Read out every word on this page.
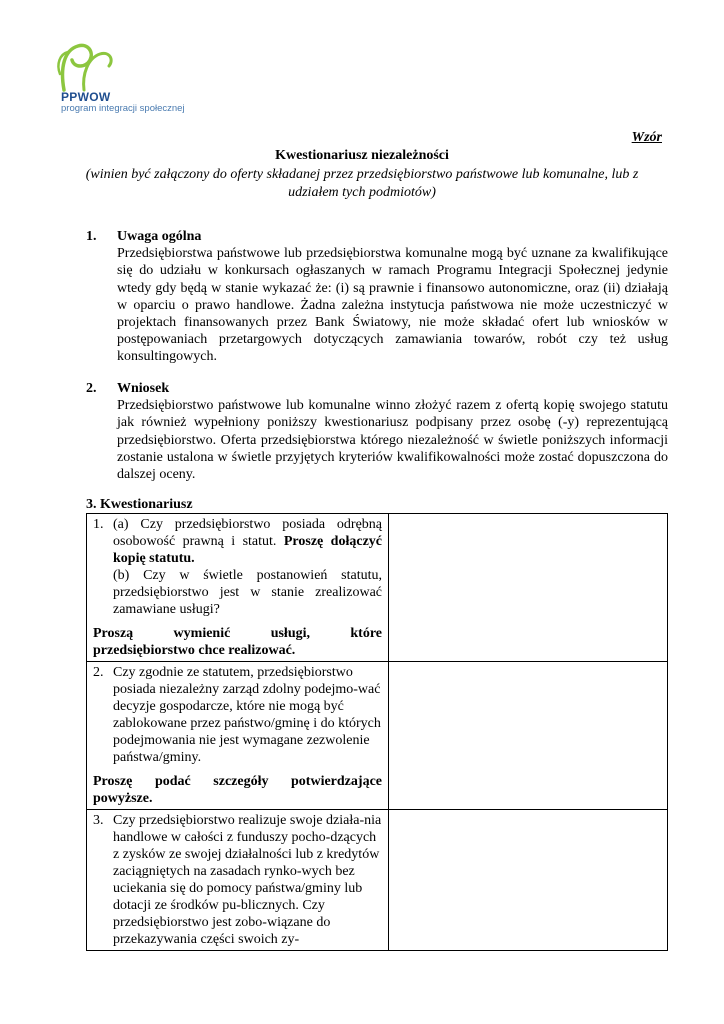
PPWOW
program integracji społecznej
Wzór
Kwestionariusz niezależności
(winien być załączony do oferty składanej przez przedsiębiorstwo państwowe lub komunalne, lub z udziałem tych podmiotów)
1. Uwaga ogólna
Przedsiębiorstwa państwowe lub przedsiębiorstwa komunalne mogą być uznane za kwalifikujące się do udziału w konkursach ogłaszanych w ramach Programu Integracji Społecznej jedynie wtedy gdy będą w stanie wykazać że: (i) są prawnie i finansowo autonomiczne, oraz (ii) działają w oparciu o prawo handlowe. Żadna zależna instytucja państwowa nie może uczestniczyć w projektach finansowanych przez Bank Światowy, nie może składać ofert lub wniosków w postępowaniach przetargowych dotyczących zamawiania towarów, robót czy też usług konsultingowych.
2. Wniosek
Przedsiębiorstwo państwowe lub komunalne winno złożyć razem z ofertą kopię swojego statutu jak również wypełniony poniższy kwestionariusz podpisany przez osobę (-y) reprezentującą przedsiębiorstwo. Oferta przedsiębiorstwa którego niezależność w świetle poniższych informacji zostanie ustalona w świetle przyjętych kryteriów kwalifikowalności może zostać dopuszczona do dalszej oceny.
3. Kwestionariusz
1. (a) Czy przedsiębiorstwo posiada odrębną osobowość prawną i statut. Proszę dołączyć kopię statutu.
(b) Czy w świetle postanowień statutu, przedsiębiorstwo jest w stanie zrealizować zamawiane usługi?
Proszą wymienić usługi, które
przedsiębiorstwo chce realizować.	

2. Czy zgodnie ze statutem, przedsiębiorstwo posiada niezależny zarząd zdolny podejmo-wać decyzje gospodarcze, które nie mogą być zablokowane przez państwo/gminę i do których podejmowania nie jest wymagane zezwolenie państwa/gminy.
Proszę podać szczegóły potwierdzające
powyższe.	

3. Czy przedsiębiorstwo realizuje swoje działa-nia handlowe w całości z funduszy pocho-dzących z zysków ze swojej działalności lub z kredytów zaciągniętych na zasadach rynko-wych bez uciekania się do pomocy państwa/gminy lub dotacji ze środków pu-blicznych. Czy przedsiębiorstwo jest zobo-wiązane do przekazywania części swoich zy-	
